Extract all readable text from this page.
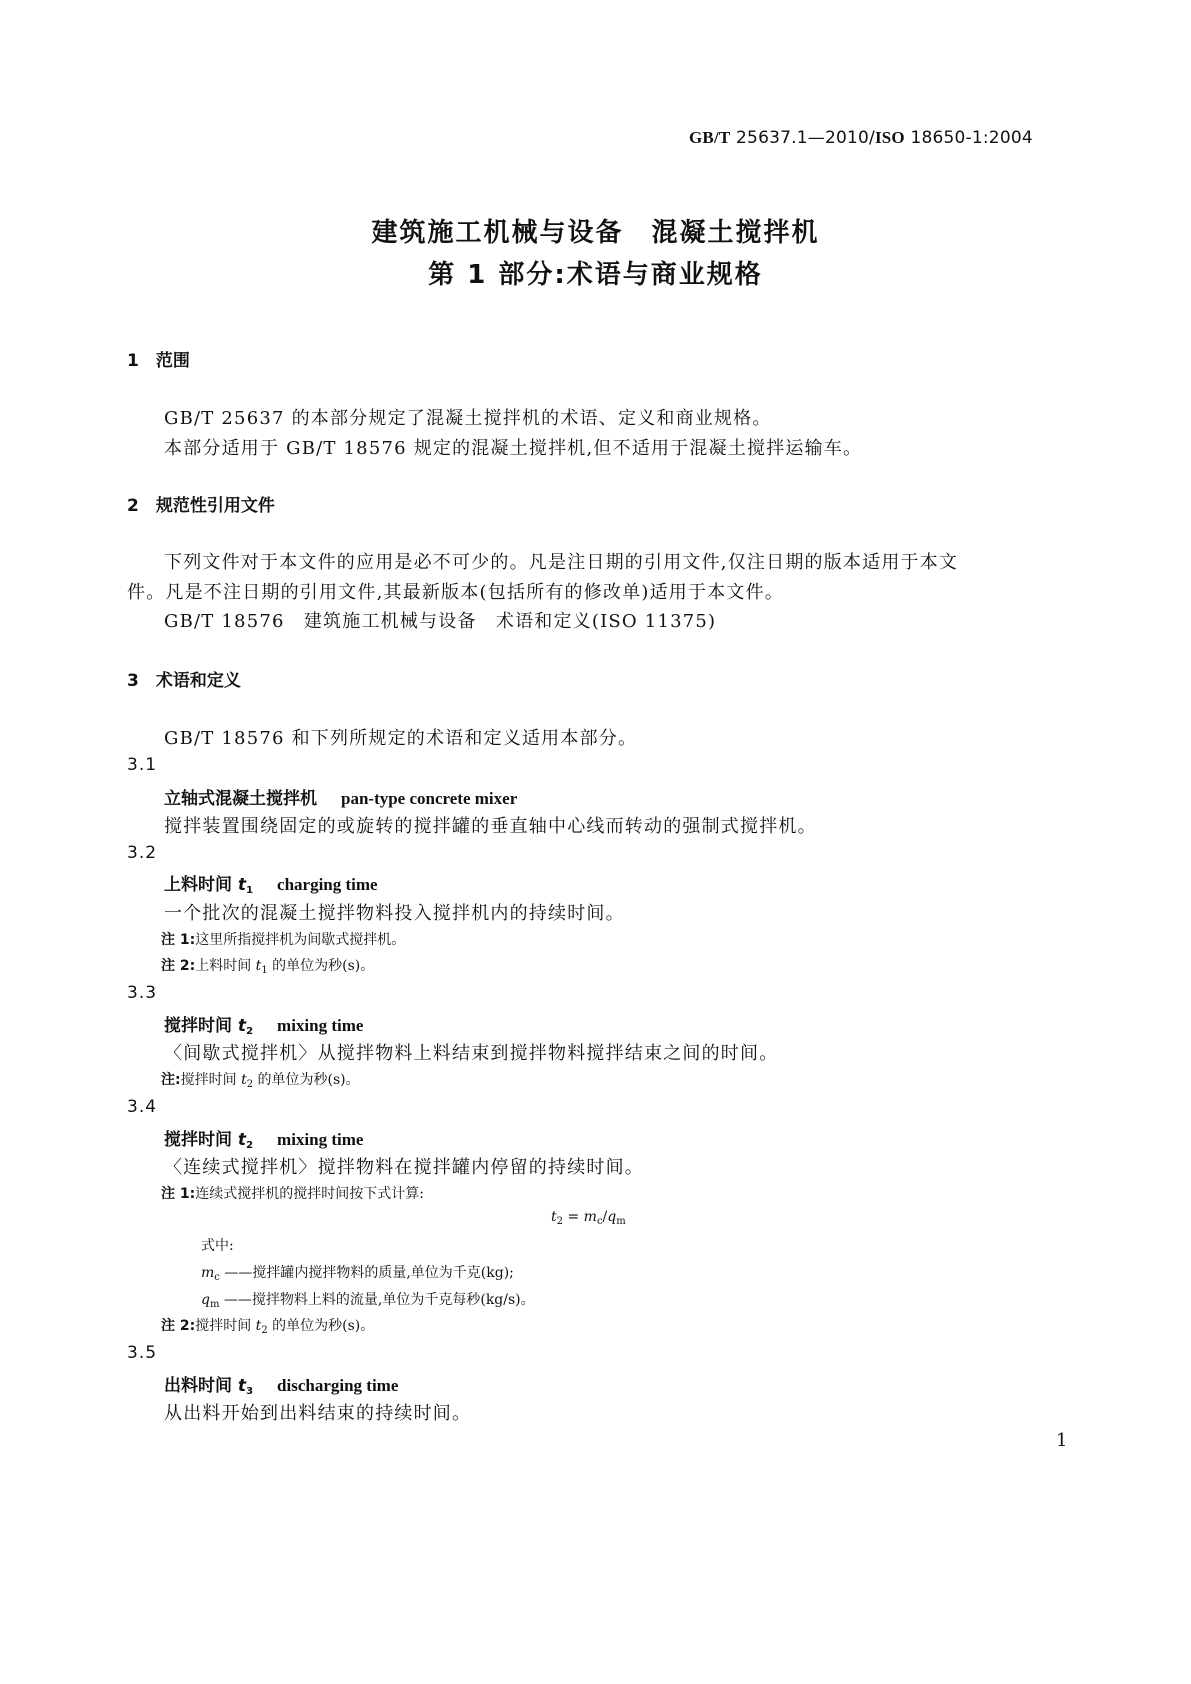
GB/T 25637.1—2010/ISO 18650-1:2004
建筑施工机械与设备　混凝土搅拌机
第 1 部分:术语与商业规格
1　范围
GB/T 25637 的本部分规定了混凝土搅拌机的术语、定义和商业规格。
本部分适用于 GB/T 18576 规定的混凝土搅拌机,但不适用于混凝土搅拌运输车。
2　规范性引用文件
下列文件对于本文件的应用是必不可少的。凡是注日期的引用文件,仅注日期的版本适用于本文
件。凡是不注日期的引用文件,其最新版本(包括所有的修改单)适用于本文件。
GB/T 18576　建筑施工机械与设备　术语和定义(ISO 11375)
3　术语和定义
GB/T 18576 和下列所规定的术语和定义适用本部分。
3.1
立轴式混凝土搅拌机 pan-type concrete mixer
搅拌装置围绕固定的或旋转的搅拌罐的垂直轴中心线而转动的强制式搅拌机。
3.2
上料时间 $t_1$ charging time
一个批次的混凝土搅拌物料投入搅拌机内的持续时间。
注 1:这里所指搅拌机为间歇式搅拌机。
注 2:上料时间 $t_1$ 的单位为秒(s)。
3.3
搅拌时间 $t_2$ mixing time
〈间歇式搅拌机〉从搅拌物料上料结束到搅拌物料搅拌结束之间的时间。
注:搅拌时间 $t_2$ 的单位为秒(s)。
3.4
搅拌时间 $t_2$ mixing time
〈连续式搅拌机〉搅拌物料在搅拌罐内停留的持续时间。
注 1:连续式搅拌机的搅拌时间按下式计算:
$t_2 = m_c/q_m$
式中:
$m_c$ ——搅拌罐内搅拌物料的质量,单位为千克(kg);
$q_m$ ——搅拌物料上料的流量,单位为千克每秒(kg/s)。
注 2:搅拌时间 $t_2$ 的单位为秒(s)。
3.5
出料时间 $t_3$ discharging time
从出料开始到出料结束的持续时间。
1
